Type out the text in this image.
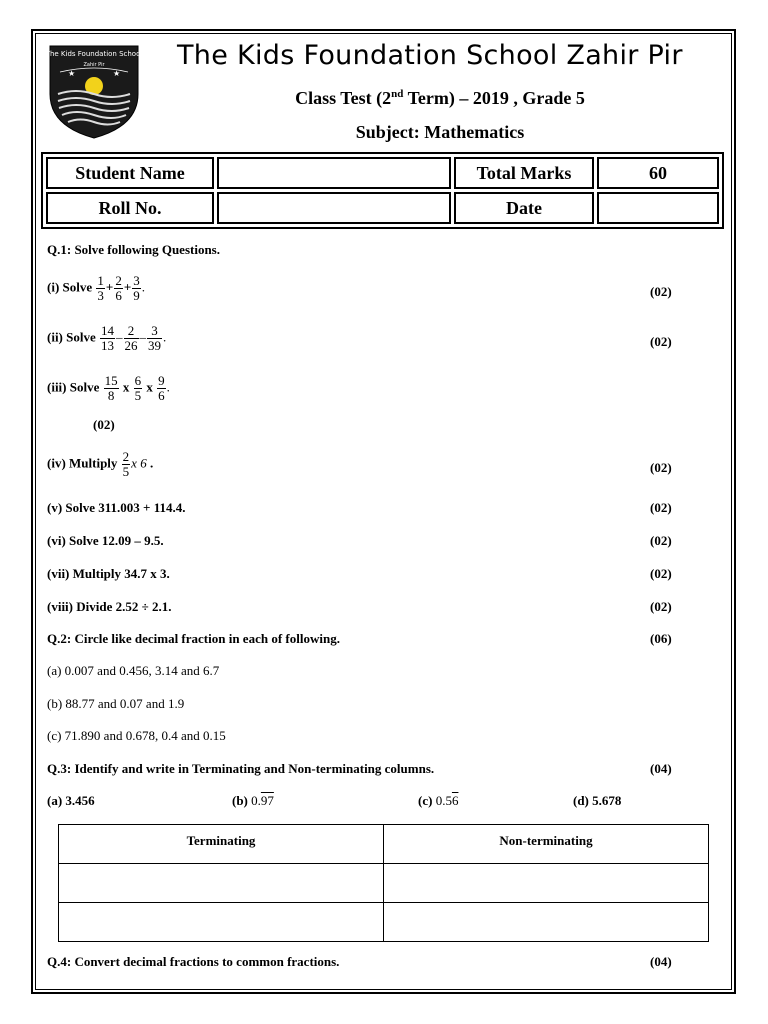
★	★
The Kids Foundation School
Zahir Pir	The Kids Foundation School Zahir Pir
Class Test (2nd Term) – 2019 , Grade 5
Subject: Mathematics
Student Name		Total Marks	60
Roll No.		Date	
Q.1: Solve following Questions.
(i) Solve $\frac{1}{3} + \frac{2}{6} + \frac{3}{9}$ .	(02)
(ii) Solve $\frac{14}{13} - \frac{2}{26} - \frac{3}{39}$ .	(02)
(iii) Solve $\frac{15}{8}$ x $\frac{6}{5}$ x $\frac{9}{6}$ .
(02)
(iv) Multiply $\frac{2}{5}$ x 6 .	(02)
(v) Solve 311.003 + 114.4.	(02)
(vi) Solve 12.09 – 9.5.	(02)
(vii) Multiply 34.7 x 3.	(02)
(viii) Divide 2.52 ÷ 2.1.	(02)
Q.2: Circle like decimal fraction in each of following.	(06)
(a) 0.007 and 0.456, 3.14 and 6.7
(b) 88.77 and 0.07 and 1.9
(c) 71.890 and 0.678, 0.4 and 0.15
Q.3: Identify and write in Terminating and Non-terminating columns.	(04)
(a) 3.456	(b) 0.97	(c) 0.56	(d) 5.678
Terminating	Non-terminating

Q.4: Convert decimal fractions to common fractions.	(04)
